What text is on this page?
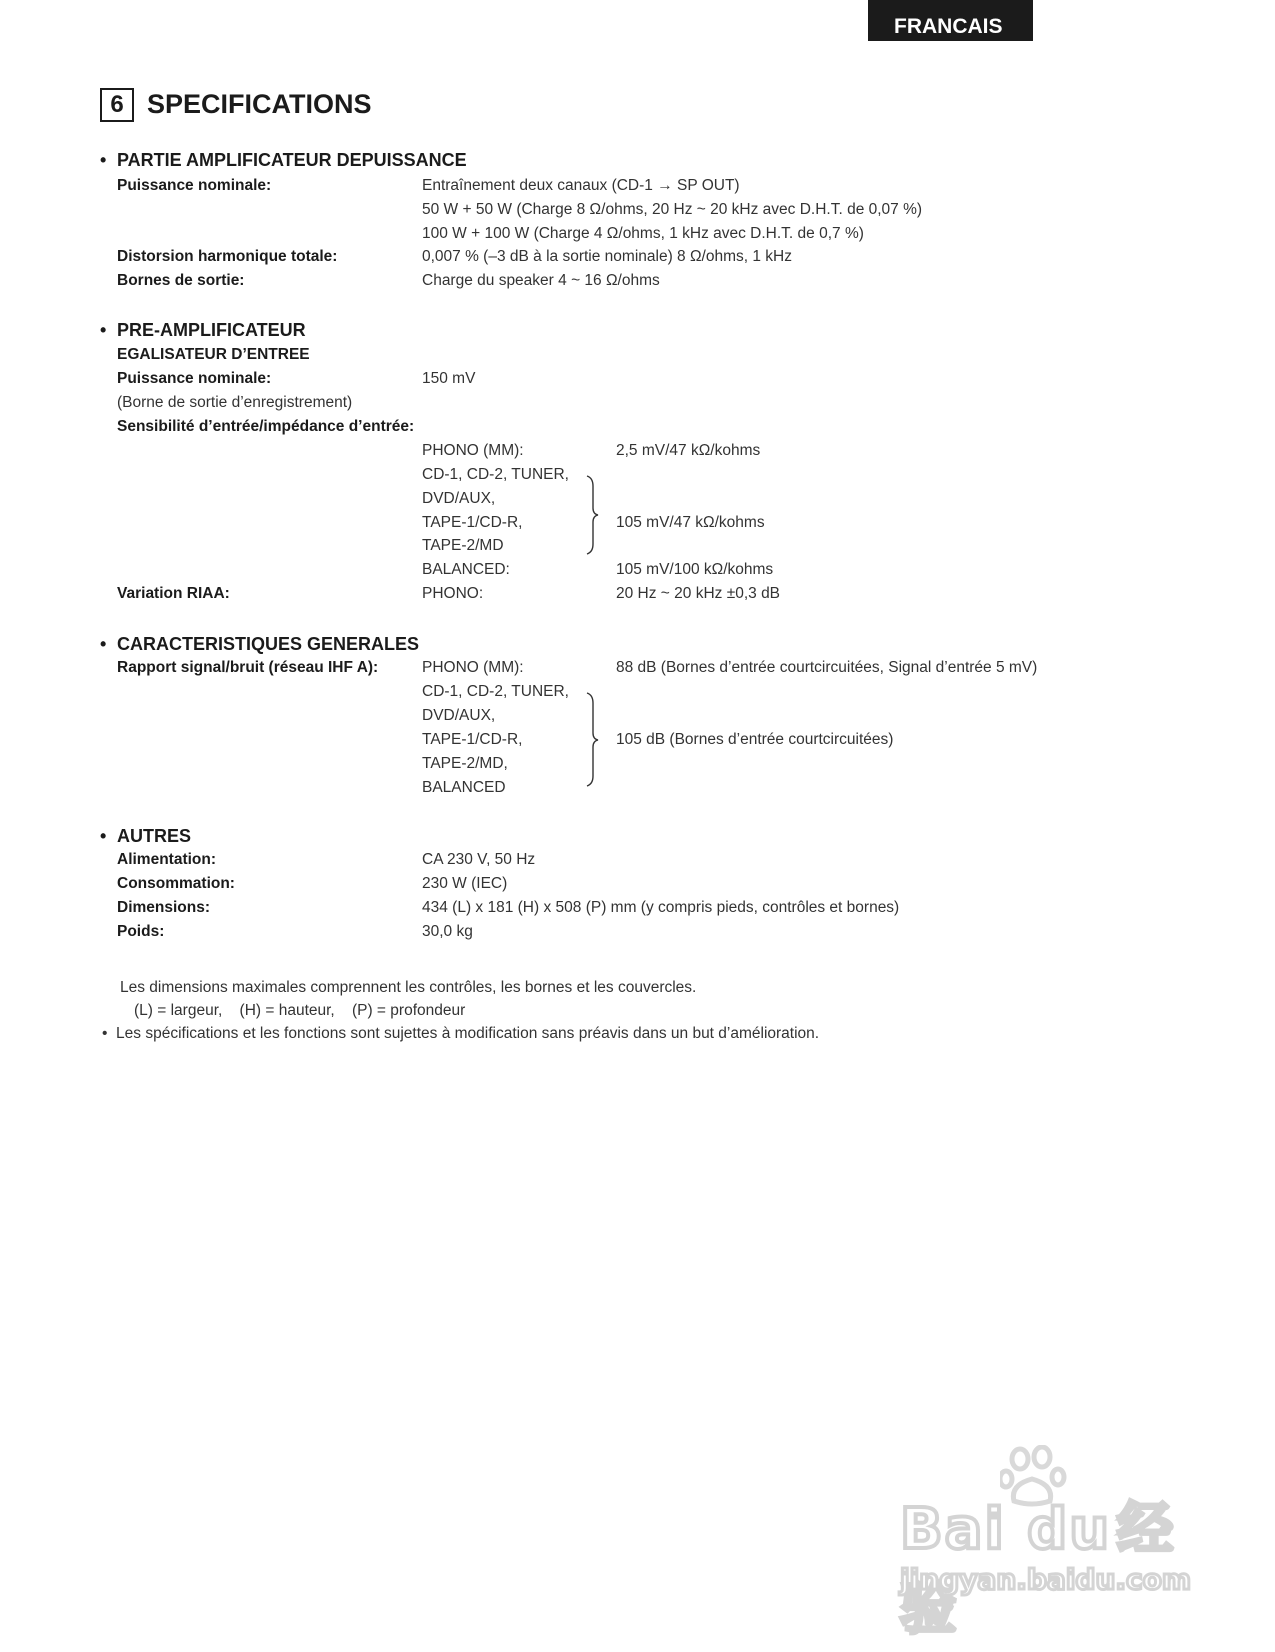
FRANCAIS
6 SPECIFICATIONS
• PARTIE AMPLIFICATEUR DEPUISSANCE
Puissance nominale:	Entraînement deux canaux (CD-1 → SP OUT)
50 W + 50 W (Charge 8 Ω/ohms, 20 Hz ~ 20 kHz avec D.H.T. de 0,07 %)
100 W + 100 W (Charge 4 Ω/ohms, 1 kHz avec D.H.T. de 0,7 %)
Distorsion harmonique totale:	0,007 % (–3 dB à la sortie nominale) 8 Ω/ohms, 1 kHz
Bornes de sortie:	Charge du speaker 4 ~ 16 Ω/ohms
• PRE-AMPLIFICATEUR
EGALISATEUR D’ENTREE
Puissance nominale:	150 mV
(Borne de sortie d’enregistrement)
Sensibilité d’entrée/impédance d’entrée:
PHONO (MM):	2,5 mV/47 kΩ/kohms
CD-1, CD-2, TUNER,
DVD/AUX,
TAPE-1/CD-R,
TAPE-2/MD
105 mV/47 kΩ/kohms
BALANCED:	105 mV/100 kΩ/kohms
Variation RIAA:	PHONO:	20 Hz ~ 20 kHz ±0,3 dB
• CARACTERISTIQUES GENERALES
Rapport signal/bruit (réseau IHF A):	PHONO (MM):	88 dB (Bornes d’entrée courtcircuitées, Signal d’entrée 5 mV)
CD-1, CD-2, TUNER,
DVD/AUX,
TAPE-1/CD-R,
TAPE-2/MD,
BALANCED
105 dB (Bornes d’entrée courtcircuitées)
• AUTRES
Alimentation:	CA 230 V, 50 Hz
Consommation:	230 W (IEC)
Dimensions:	434 (L) x 181 (H) x 508 (P) mm (y compris pieds, contrôles et bornes)
Poids:	30,0 kg
Les dimensions maximales comprennent les contrôles, les bornes et les couvercles.
(L) = largeur,    (H) = hauteur,    (P) = profondeur
•  Les spécifications et les fonctions sont sujettes à modification sans préavis dans un but d’amélioration.
Bai du 经验
jingyan.baidu.com
